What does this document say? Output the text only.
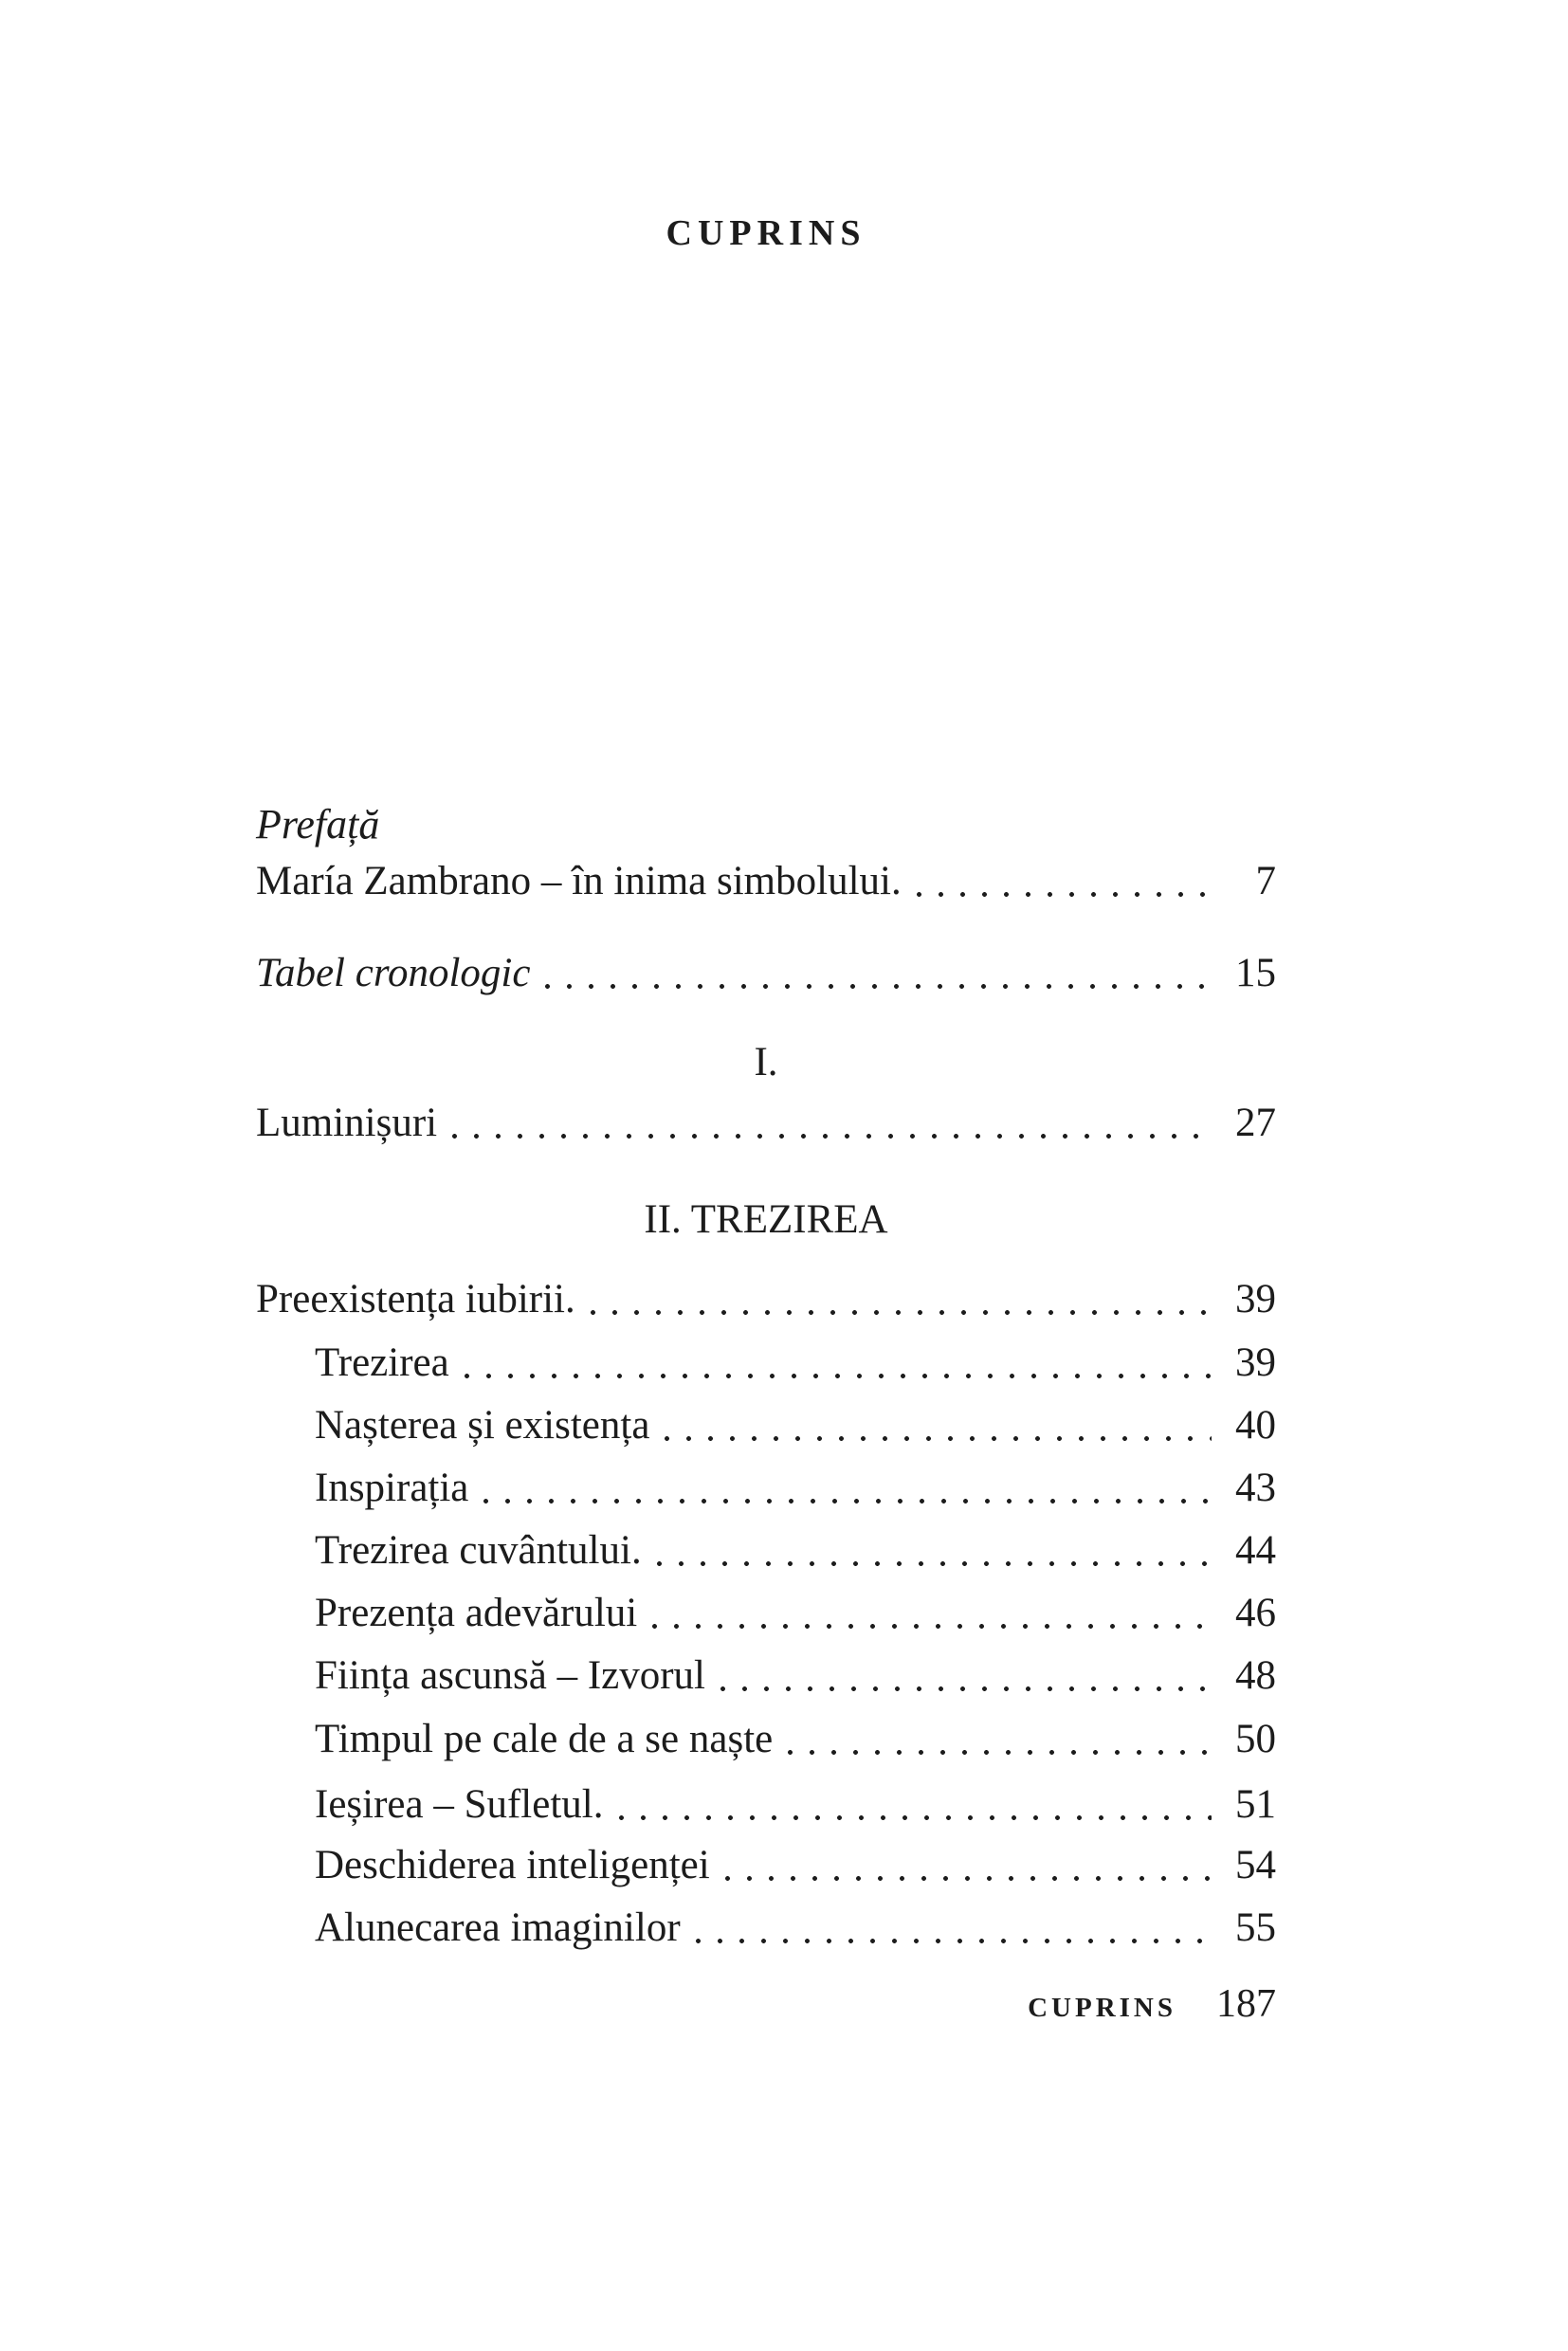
CUPRINS
Prefață
María Zambrano – în inima simbolului.	7
Tabel cronologic	15
I.
Luminișuri	27
II. TREZIREA
Preexistența iubirii.	39
Trezirea	39
Nașterea și existența	40
Inspirația	43
Trezirea cuvântului.	44
Prezența adevărului	46
Ființa ascunsă – Izvorul	48
Timpul pe cale de a se naște	50
Ieșirea – Sufletul.	51
Deschiderea inteligenței	54
Alunecarea imaginilor	55
CUPRINS 187
